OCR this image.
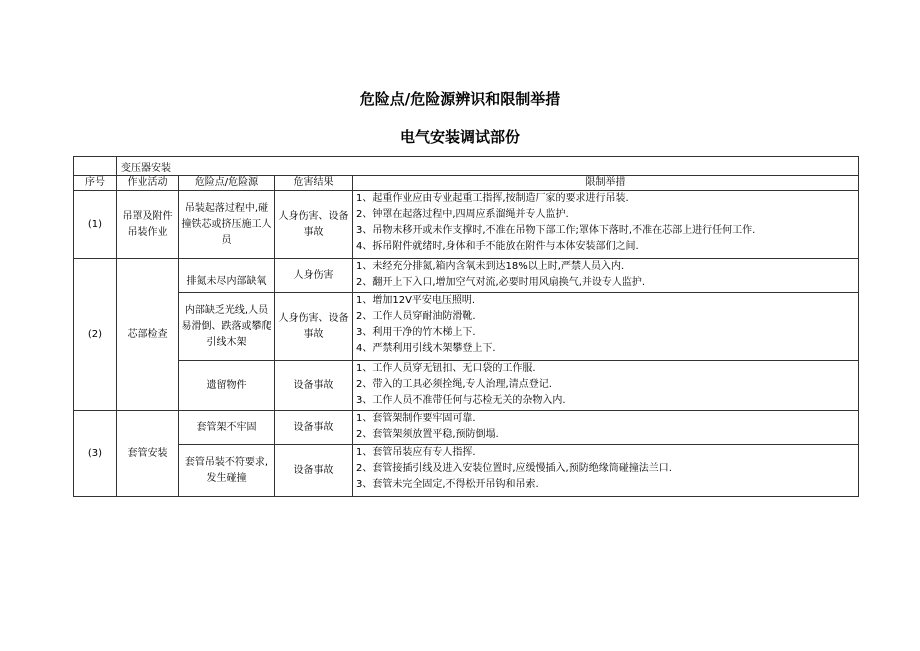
危险点/危险源辨识和限制举措
电气安装调试部份
	变压器安装			
序号	作业活动	危险点/危险源	危害结果	限制举措
(1)	吊罩及附件吊装作业	吊装起落过程中,碰撞铁芯或挤压施工人员	人身伤害、设备事故	1、起重作业应由专业起重工指挥,按制造厂家的要求进行吊装.
2、钟罩在起落过程中,四周应系溜绳并专人监护.
3、吊物未移开或未作支撑时,不准在吊物下部工作;罩体下落时,不准在芯部上进行任何工作.
4、拆吊附件就绪时,身体和手不能放在附件与本体安装部们之间.

(2)	芯部检查	排氮未尽内部缺氧	人身伤害	1、未经充分排氮,箱内含氧未到达18%以上时,严禁人员入内.
2、翻开上下入口,增加空气对流,必要时用风扇换气,并设专人监护.

		内部缺乏光线,人员易滑倒、跌落或攀爬引线木架	人身伤害、设备事故	1、增加12V平安电压照明.
2、工作人员穿耐油防滑靴.
3、利用干净的竹木梯上下.
4、严禁利用引线木架攀登上下.

		遗留物件	设备事故	1、工作人员穿无钮扣、无口袋的工作服.
2、带入的工具必须拴绳,专人治理,清点登记.
3、工作人员不准带任何与芯检无关的杂物入内.

(3)	套管安装	套管架不牢固	设备事故	1、套管架制作要牢固可靠.
2、套管架须放置平稳,预防倒塌.

		套管吊装不符要求,发生碰撞	设备事故	1、套管吊装应有专人指挥.
2、套管接插引线及进入安装位置时,应缓慢插入,预防绝缘筒碰撞法兰口.
3、套管未完全固定,不得松开吊钩和吊索.
